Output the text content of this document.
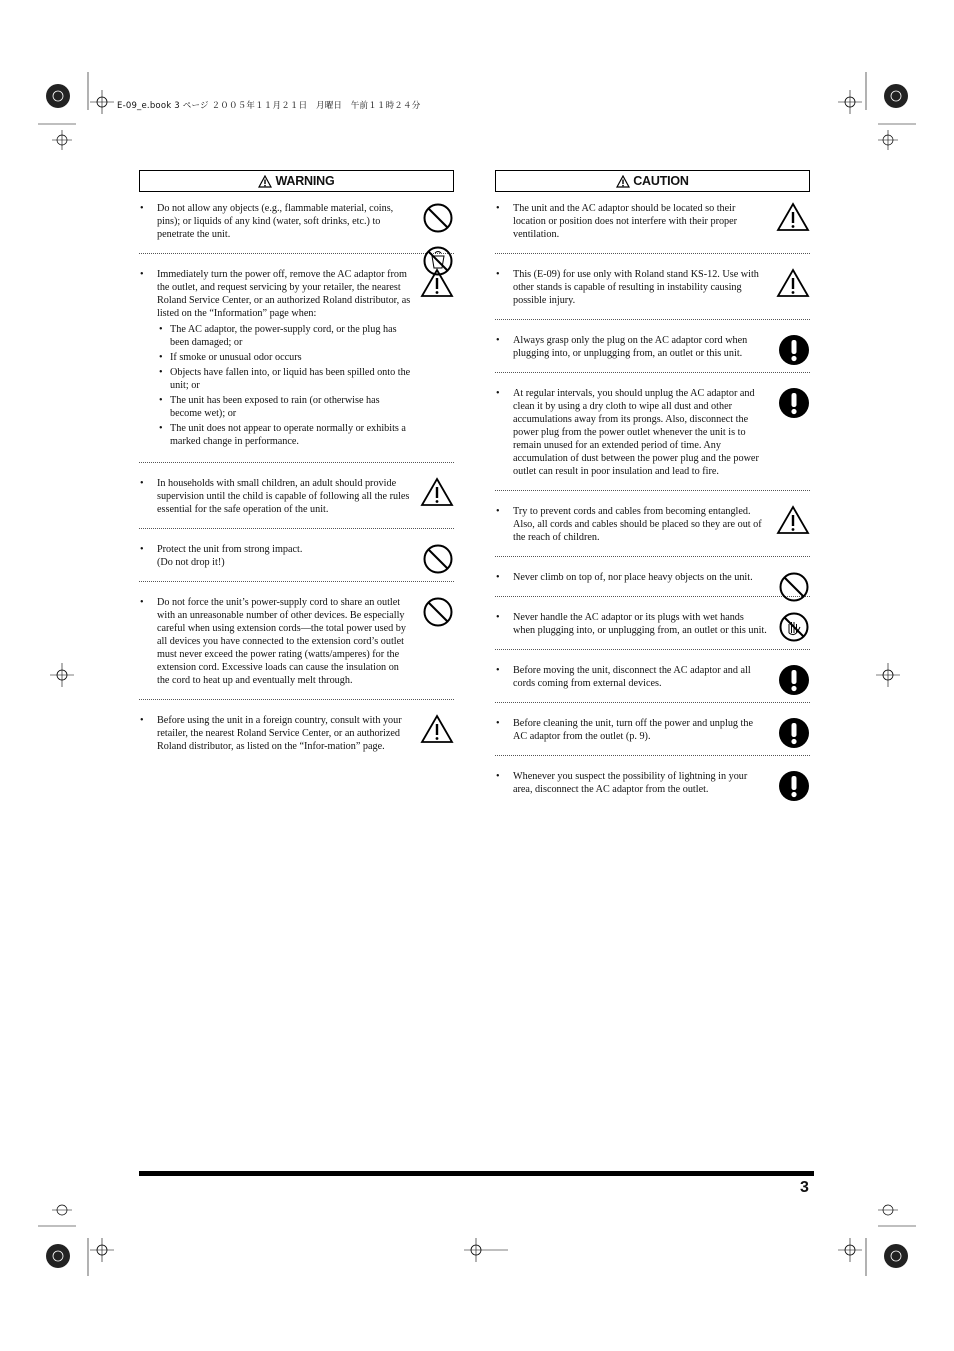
E-09_e.book 3 ページ ２００５年１１月２１日　月曜日　午前１１時２４分
WARNING
• Do not allow any objects (e.g., flammable material, coins, pins); or liquids of any kind (water, soft drinks, etc.) to penetrate the unit.
• Immediately turn the power off, remove the AC adaptor from the outlet, and request servicing by your retailer, the nearest Roland Service Center, or an authorized Roland distributor, as listed on the “Information” page when:
• The AC adaptor, the power-supply cord, or the plug has been damaged; or
• If smoke or unusual odor occurs
• Objects have fallen into, or liquid has been spilled onto the unit; or
• The unit has been exposed to rain (or otherwise has become wet); or
• The unit does not appear to operate normally or exhibits a marked change in performance.
• In households with small children, an adult should provide supervision until the child is capable of following all the rules essential for the safe operation of the unit.
• Protect the unit from strong impact.
(Do not drop it!)
• Do not force the unit’s power-supply cord to share an outlet with an unreasonable number of other devices. Be especially careful when using extension cords—the total power used by all devices you have connected to the extension cord’s outlet must never exceed the power rating (watts/amperes) for the extension cord. Excessive loads can cause the insulation on the cord to heat up and eventually melt through.
• Before using the unit in a foreign country, consult with your retailer, the nearest Roland Service Center, or an authorized Roland distributor, as listed on the “Infor-mation” page.
CAUTION
• The unit and the AC adaptor should be located so their location or position does not interfere with their proper ventilation.
• This (E-09) for use only with Roland stand KS-12. Use with other stands is capable of resulting in instability causing possible injury.
• Always grasp only the plug on the AC adaptor cord when plugging into, or unplugging from, an outlet or this unit.
• At regular intervals, you should unplug the AC adaptor and clean it by using a dry cloth to wipe all dust and other accumulations away from its prongs. Also, disconnect the power plug from the power outlet whenever the unit is to remain unused for an extended period of time. Any accumulation of dust between the power plug and the power outlet can result in poor insulation and lead to fire.
• Try to prevent cords and cables from becoming entangled. Also, all cords and cables should be placed so they are out of the reach of children.
• Never climb on top of, nor place heavy objects on the unit.
• Never handle the AC adaptor or its plugs with wet hands when plugging into, or unplugging from, an outlet or this unit.
• Before moving the unit, disconnect the AC adaptor and all cords coming from external devices.
• Before cleaning the unit, turn off the power and unplug the AC adaptor from the outlet (p. 9).
• Whenever you suspect the possibility of lightning in your area, disconnect the AC adaptor from the outlet.
3
